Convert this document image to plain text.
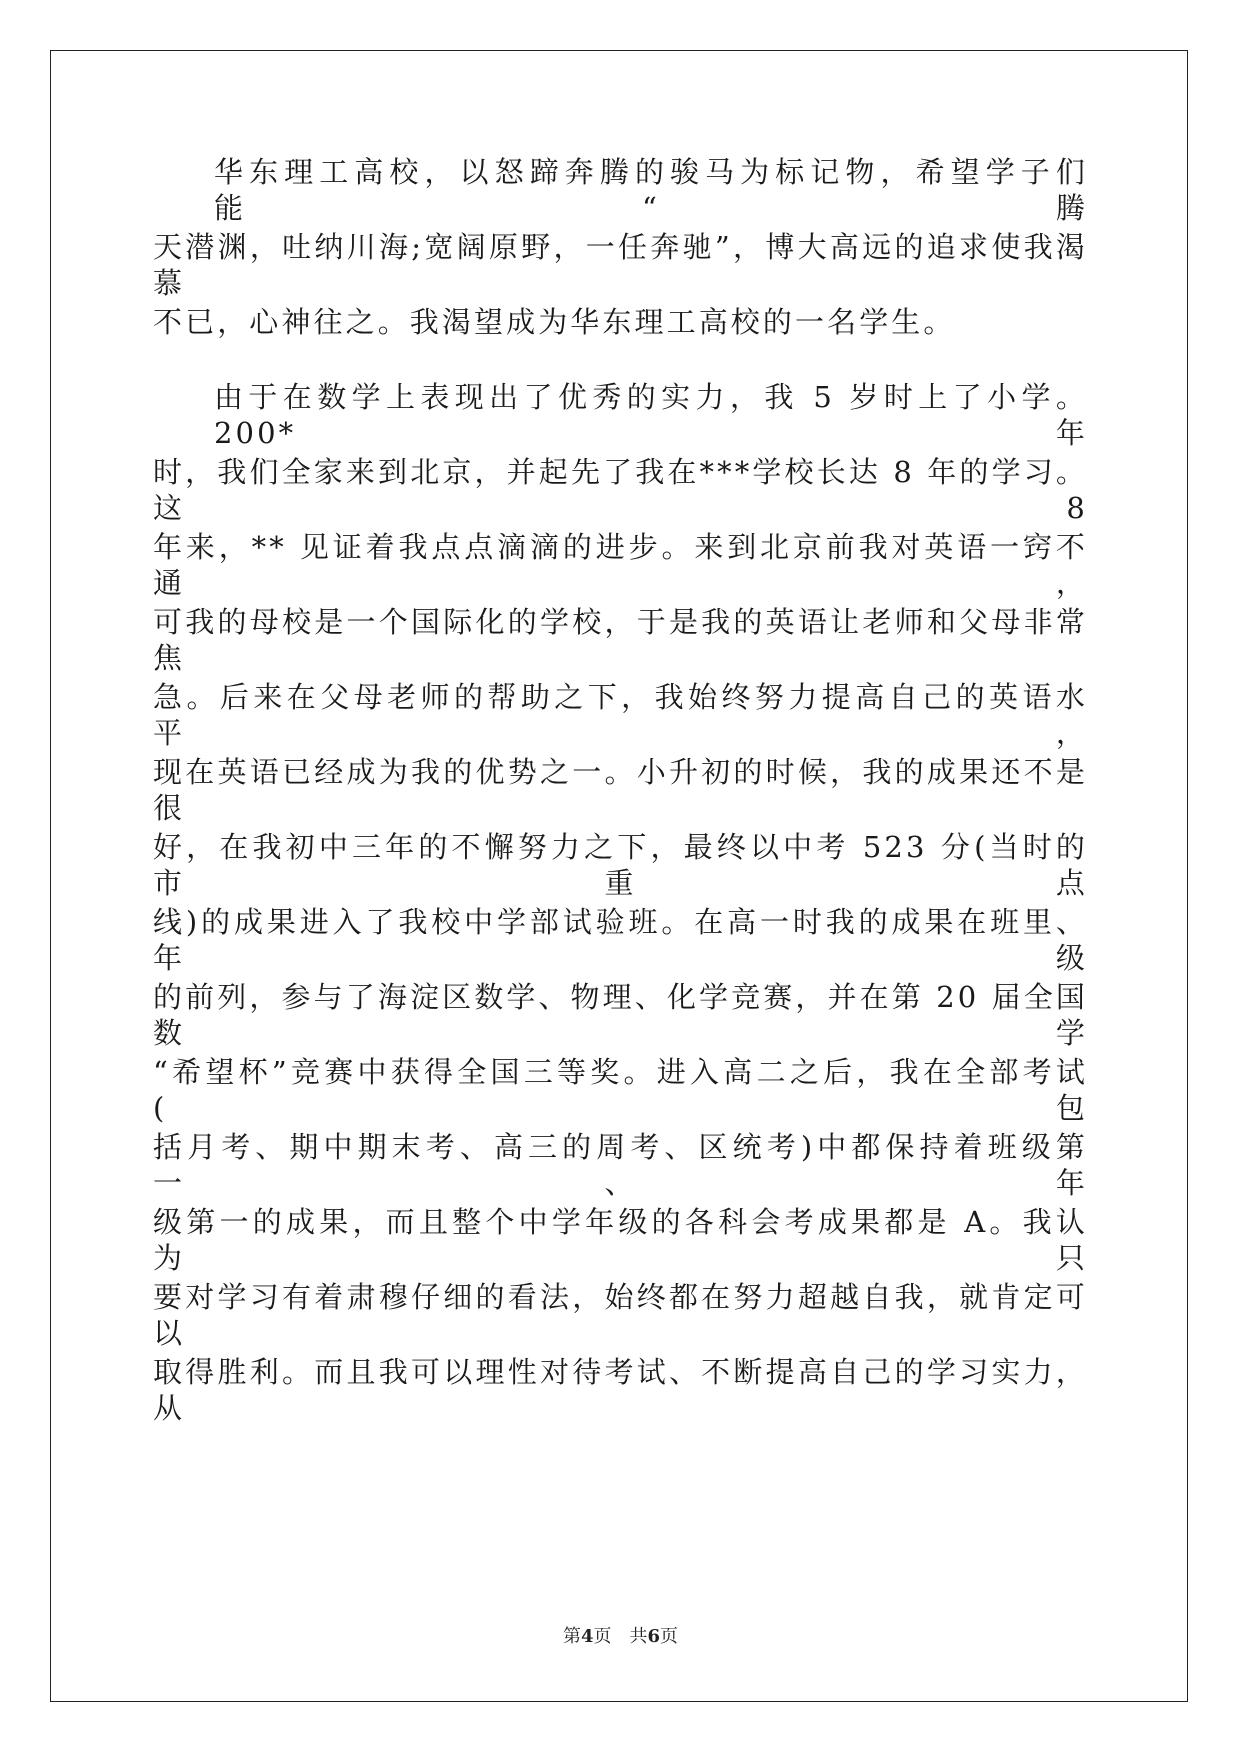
华东理工高校，以怒蹄奔腾的骏马为标记物，希望学子们能“腾
天潜渊，吐纳川海;宽阔原野，一任奔驰”，博大高远的追求使我渴慕
不已，心神往之。我渴望成为华东理工高校的一名学生。
由于在数学上表现出了优秀的实力，我 5 岁时上了小学。200*年
时，我们全家来到北京，并起先了我在***学校长达 8 年的学习。这 8
年来，** 见证着我点点滴滴的进步。来到北京前我对英语一窍不通，
可我的母校是一个国际化的学校，于是我的英语让老师和父母非常焦
急。后来在父母老师的帮助之下，我始终努力提高自己的英语水平，
现在英语已经成为我的优势之一。小升初的时候，我的成果还不是很
好，在我初中三年的不懈努力之下，最终以中考 523 分(当时的市重点
线)的成果进入了我校中学部试验班。在高一时我的成果在班里、年级
的前列，参与了海淀区数学、物理、化学竞赛，并在第 20 届全国数学
“希望杯”竞赛中获得全国三等奖。进入高二之后，我在全部考试(包
括月考、期中期末考、高三的周考、区统考)中都保持着班级第一、年
级第一的成果，而且整个中学年级的各科会考成果都是 A。我认为只
要对学习有着肃穆仔细的看法，始终都在努力超越自我，就肯定可以
取得胜利。而且我可以理性对待考试、不断提高自己的学习实力，从
第4页 共6页
